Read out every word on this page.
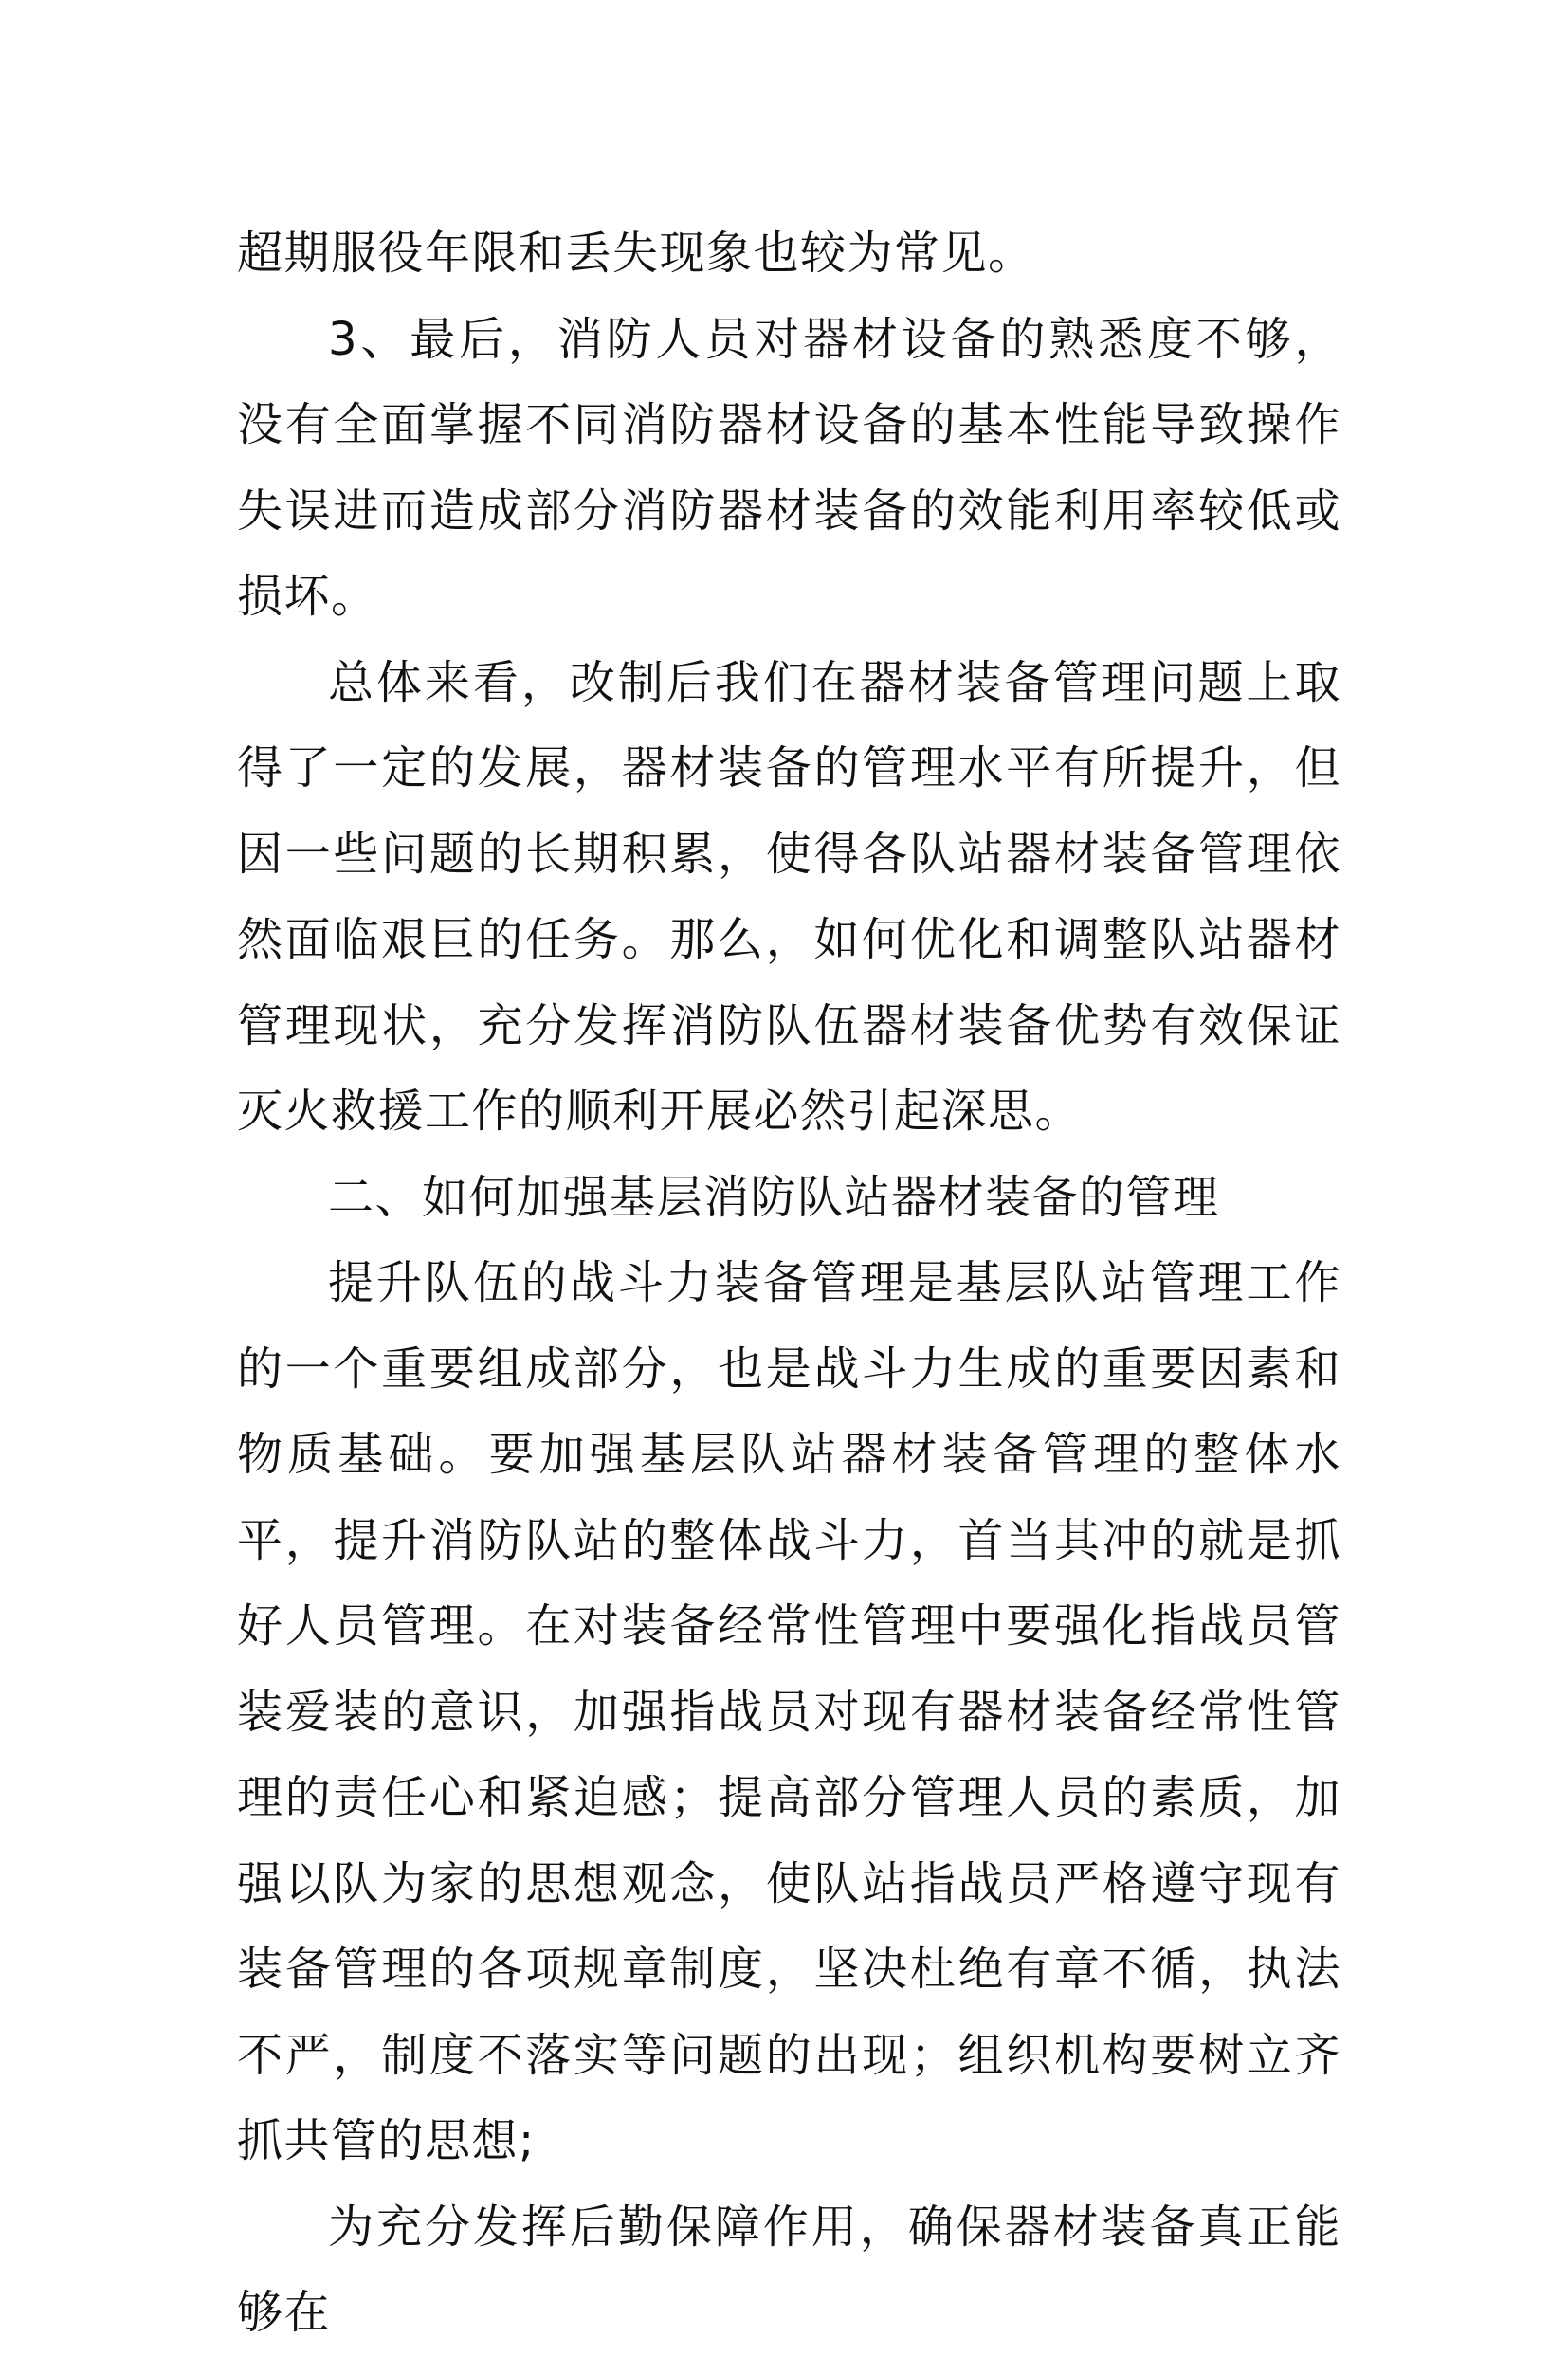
超期服役年限和丢失现象也较为常见。

3、最后，消防人员对器材设备的熟悉度不够，没有全面掌握不同消防器材设备的基本性能导致操作失误进而造成部分消防器材装备的效能利用率较低或损坏。

总体来看，改制后我们在器材装备管理问题上取得了一定的发展，器材装备的管理水平有所提升，但因一些问题的长期积累，使得各队站器材装备管理依然面临艰巨的任务。那么，如何优化和调整队站器材管理现状，充分发挥消防队伍器材装备优势有效保证灭火救援工作的顺利开展必然引起深思。

二、如何加强基层消防队站器材装备的管理

提升队伍的战斗力装备管理是基层队站管理工作的一个重要组成部分，也是战斗力生成的重要因素和物质基础。要加强基层队站器材装备管理的整体水平，提升消防队站的整体战斗力，首当其冲的就是抓好人员管理。在对装备经常性管理中要强化指战员管装爱装的意识，加强指战员对现有器材装备经常性管理的责任心和紧迫感；提高部分管理人员的素质，加强以队为家的思想观念，使队站指战员严格遵守现有装备管理的各项规章制度，坚决杜绝有章不循，执法不严，制度不落实等问题的出现；组织机构要树立齐抓共管的思想;

为充分发挥后勤保障作用，确保器材装备真正能够在
